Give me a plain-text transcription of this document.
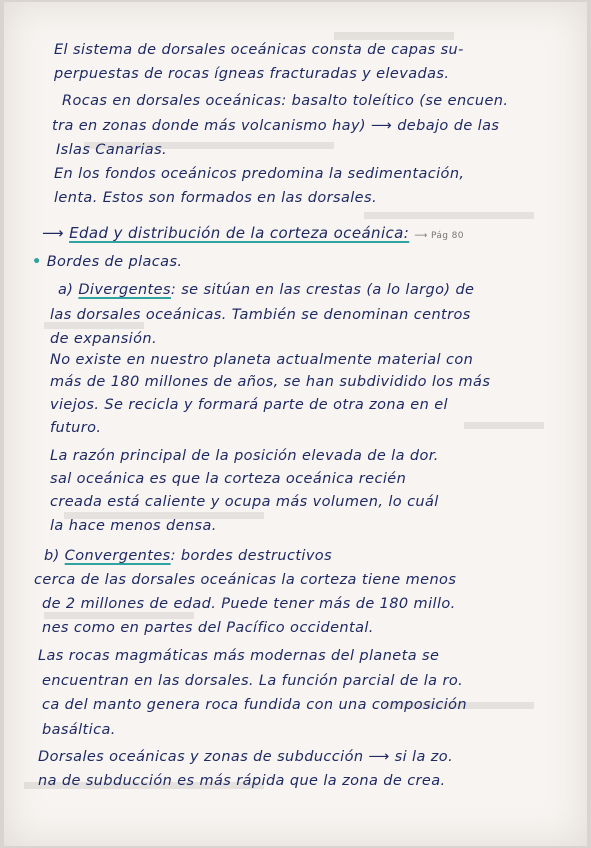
El sistema de dorsales oceánicas consta de capas su-
perpuestas de rocas ígneas fracturadas y elevadas.
Rocas en dorsales oceánicas: basalto toleítico (se encuen.
tra en zonas donde más volcanismo hay) ⟶ debajo de las
Islas Canarias.
En los fondos oceánicos predomina la sedimentación,
lenta. Estos son formados en las dorsales.
⟶ Edad y distribución de la corteza oceánica: ⟶ Pág 80
• Bordes de placas.
a) Divergentes: se sitúan en las crestas (a lo largo) de
las dorsales oceánicas. También se denominan centros
de expansión.
No existe en nuestro planeta actualmente material con
más de 180 millones de años, se han subdividido los más
viejos. Se recicla y formará parte de otra zona en el
futuro.
La razón principal de la posición elevada de la dor.
sal oceánica es que la corteza oceánica recién
creada está caliente y ocupa más volumen, lo cuál
la hace menos densa.
b) Convergentes: bordes destructivos
cerca de las dorsales oceánicas la corteza tiene menos
de 2 millones de edad. Puede tener más de 180 millo.
nes como en partes del Pacífico occidental.
Las rocas magmáticas más modernas del planeta se
encuentran en las dorsales. La función parcial de la ro.
ca del manto genera roca fundida con una composición
basáltica.
Dorsales oceánicas y zonas de subducción ⟶ si la zo.
na de subducción es más rápida que la zona de crea.
